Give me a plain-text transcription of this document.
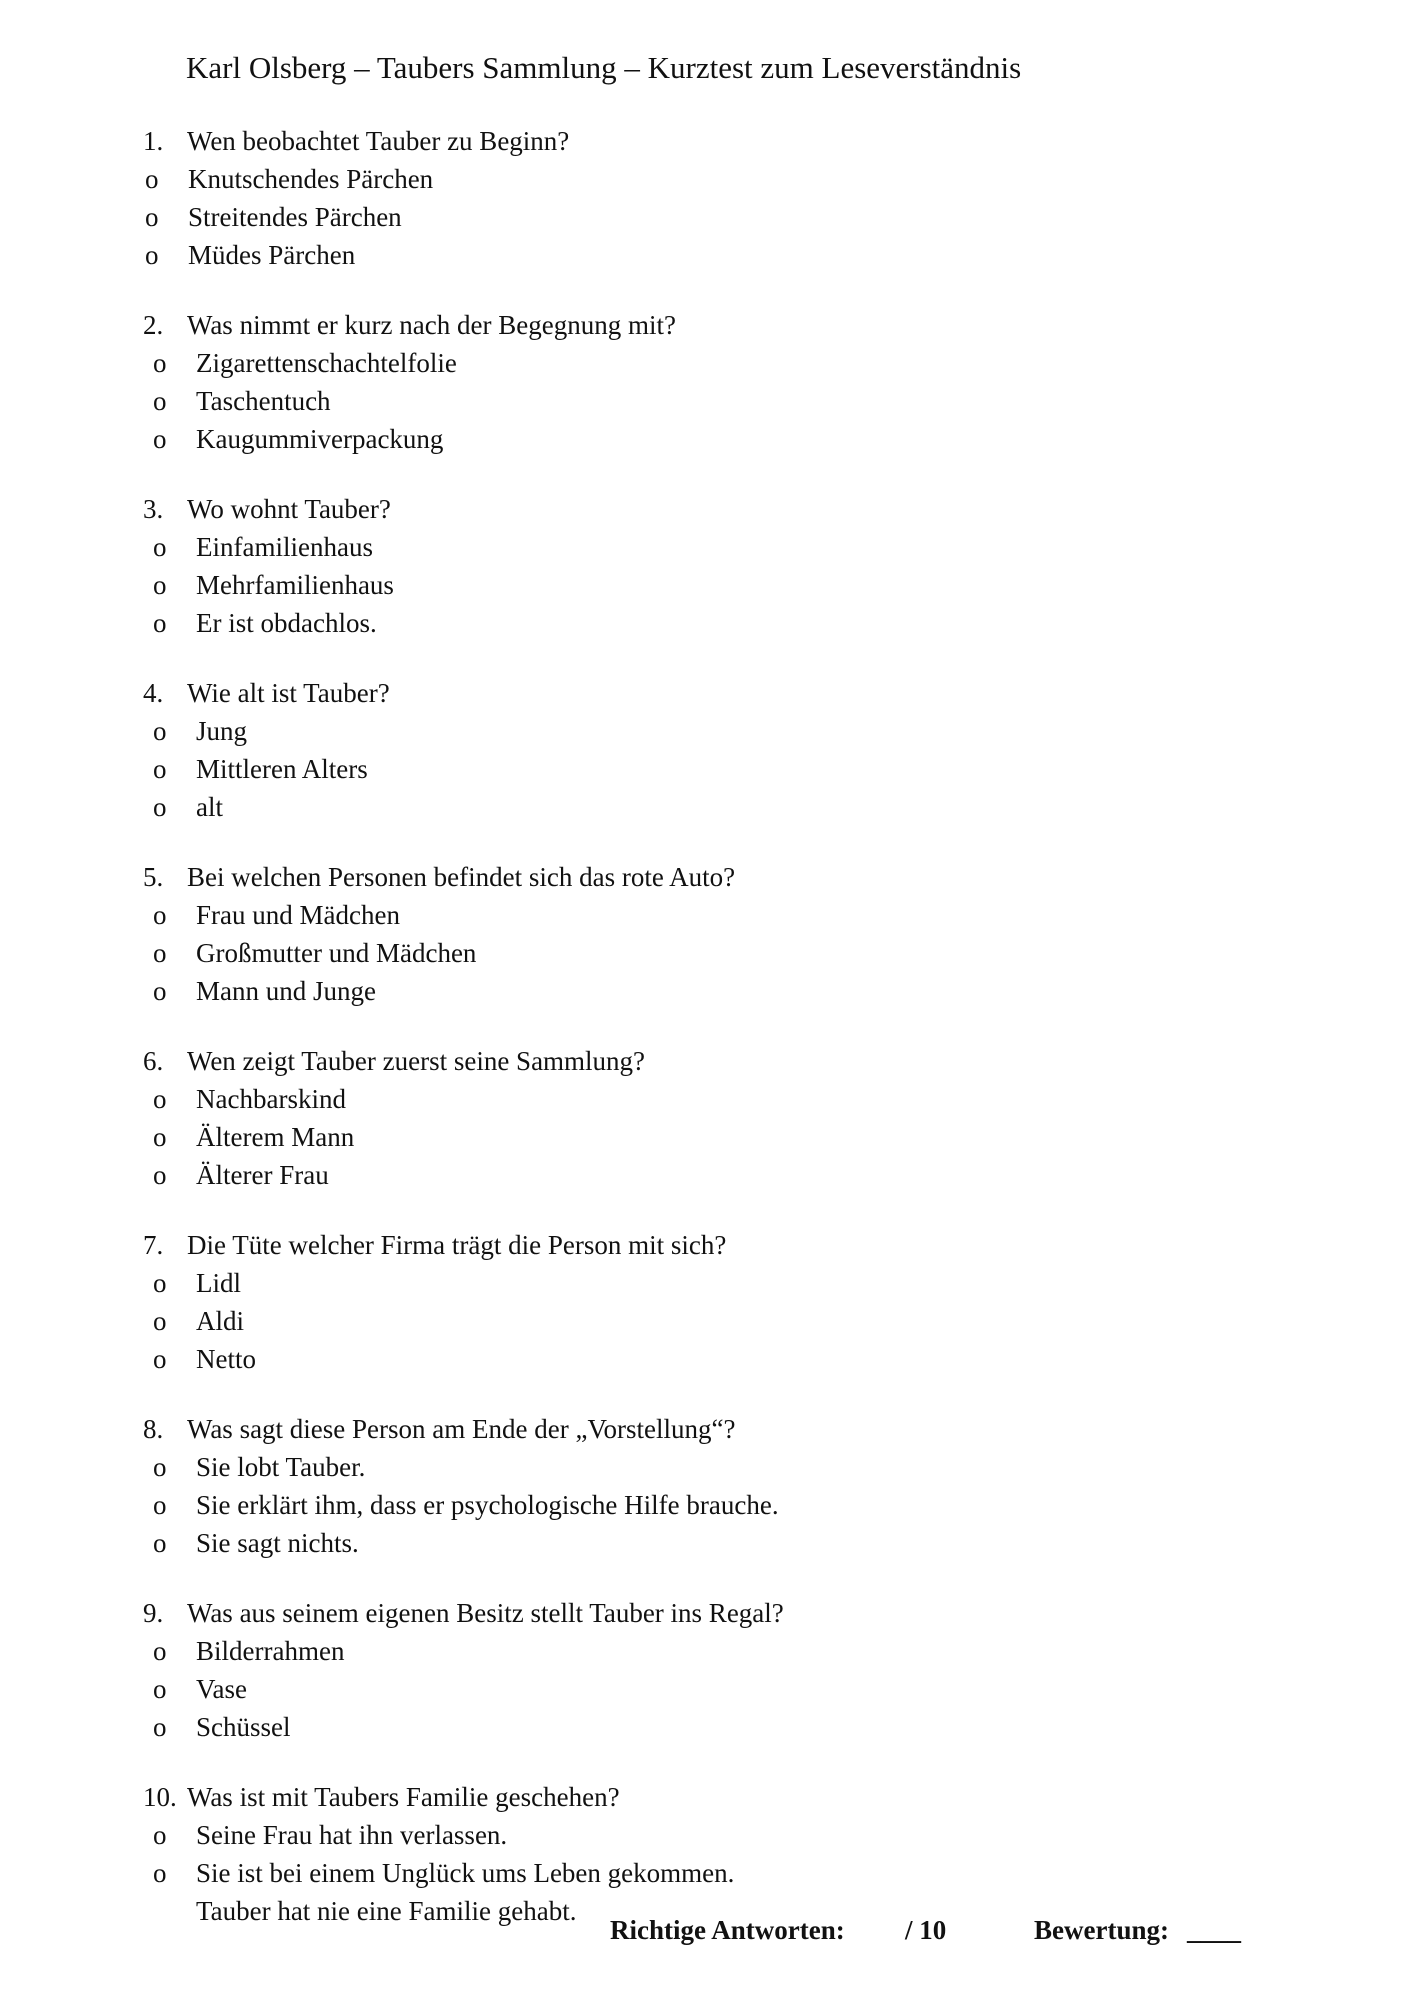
Karl Olsberg – Taubers Sammlung – Kurztest zum Leseverständnis
1. Wen beobachtet Tauber zu Beginn?
o Knutschendes Pärchen
o Streitendes Pärchen
o Müdes Pärchen
2. Was nimmt er kurz nach der Begegnung mit?
o Zigarettenschachtelfolie
o Taschentuch
o Kaugummiverpackung
3. Wo wohnt Tauber?
o Einfamilienhaus
o Mehrfamilienhaus
o Er ist obdachlos.
4. Wie alt ist Tauber?
o Jung
o Mittleren Alters
o alt
5. Bei welchen Personen befindet sich das rote Auto?
o Frau und Mädchen
o Großmutter und Mädchen
o Mann und Junge
6. Wen zeigt Tauber zuerst seine Sammlung?
o Nachbarskind
o Älterem Mann
o Älterer Frau
7. Die Tüte welcher Firma trägt die Person mit sich?
o Lidl
o Aldi
o Netto
8. Was sagt diese Person am Ende der „Vorstellung“?
o Sie lobt Tauber.
o Sie erklärt ihm, dass er psychologische Hilfe brauche.
o Sie sagt nichts.
9. Was aus seinem eigenen Besitz stellt Tauber ins Regal?
o Bilderrahmen
o Vase
o Schüssel
10. Was ist mit Taubers Familie geschehen?
o Seine Frau hat ihn verlassen.
o Sie ist bei einem Unglück ums Leben gekommen.
Tauber hat nie eine Familie gehabt.
Richtige Antworten: / 10	Bewertung: ____
